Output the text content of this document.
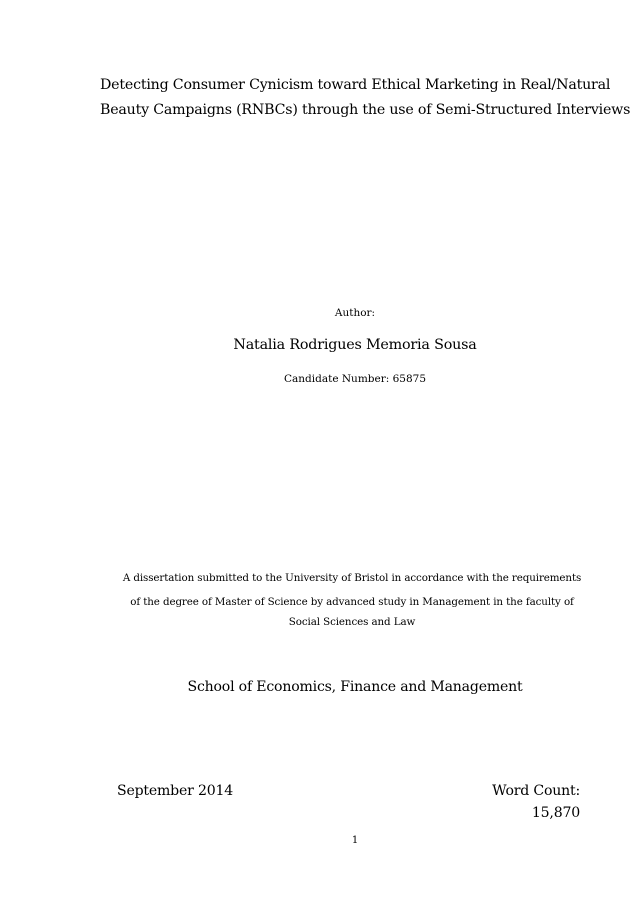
Detecting Consumer Cynicism toward Ethical Marketing in Real/Natural
Beauty Campaigns (RNBCs) through the use of Semi-Structured Interviews
Author:
Natalia Rodrigues Memoria Sousa
Candidate Number: 65875
A dissertation submitted to the University of Bristol in accordance with the requirements
of the degree of Master of Science by advanced study in Management in the faculty of
Social Sciences and Law
School of Economics, Finance and Management
September 2014	Word Count: 15,870
1
